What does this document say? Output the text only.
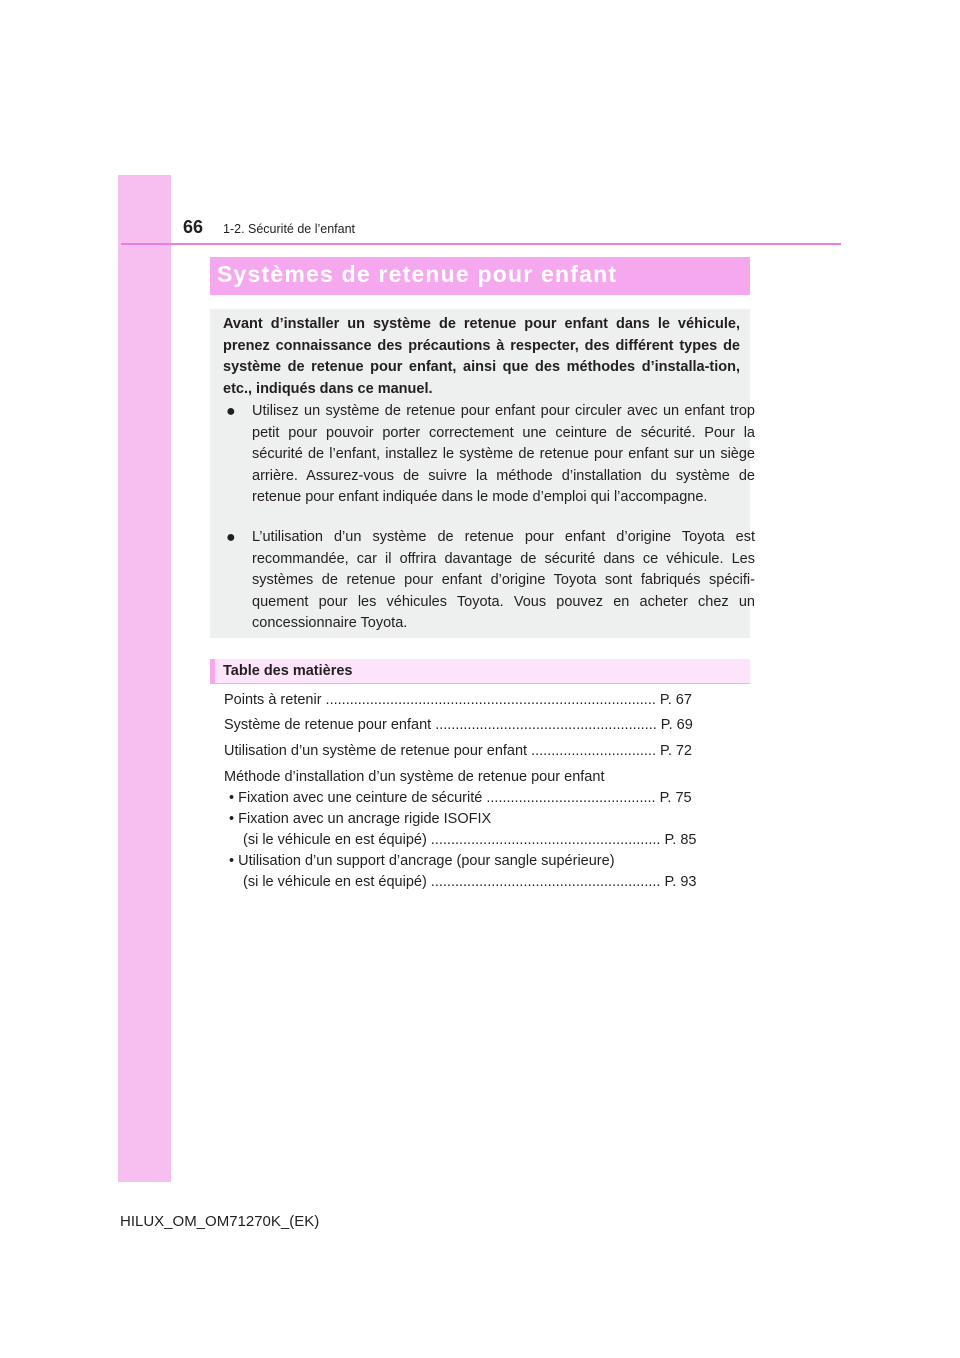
66 1-2. Sécurité de l’enfant
Systèmes de retenue pour enfant
Avant d’installer un système de retenue pour enfant dans le véhicule, prenez connaissance des précautions à respecter, des différent types de système de retenue pour enfant, ainsi que des méthodes d’installa-tion, etc., indiqués dans ce manuel.
● Utilisez un système de retenue pour enfant pour circuler avec un enfant trop petit pour pouvoir porter correctement une ceinture de sécurité. Pour la sécurité de l’enfant, installez le système de retenue pour enfant sur un siège arrière. Assurez-vous de suivre la méthode d’installation du système de retenue pour enfant indiquée dans le mode d’emploi qui l’accompagne.
● L’utilisation d’un système de retenue pour enfant d’origine Toyota est recommandée, car il offrira davantage de sécurité dans ce véhicule. Les systèmes de retenue pour enfant d’origine Toyota sont fabriqués spécifi-quement pour les véhicules Toyota. Vous pouvez en acheter chez un concessionnaire Toyota.
Table des matières
Points à retenir .................................................................................. P. 67
Système de retenue pour enfant ....................................................... P. 69
Utilisation d’un système de retenue pour enfant ............................... P. 72
Méthode d’installation d’un système de retenue pour enfant
• Fixation avec une ceinture de sécurité .......................................... P. 75
• Fixation avec un ancrage rigide ISOFIX
(si le véhicule en est équipé) ......................................................... P. 85
• Utilisation d’un support d’ancrage (pour sangle supérieure)
(si le véhicule en est équipé) ......................................................... P. 93
HILUX_OM_OM71270K_(EK)
